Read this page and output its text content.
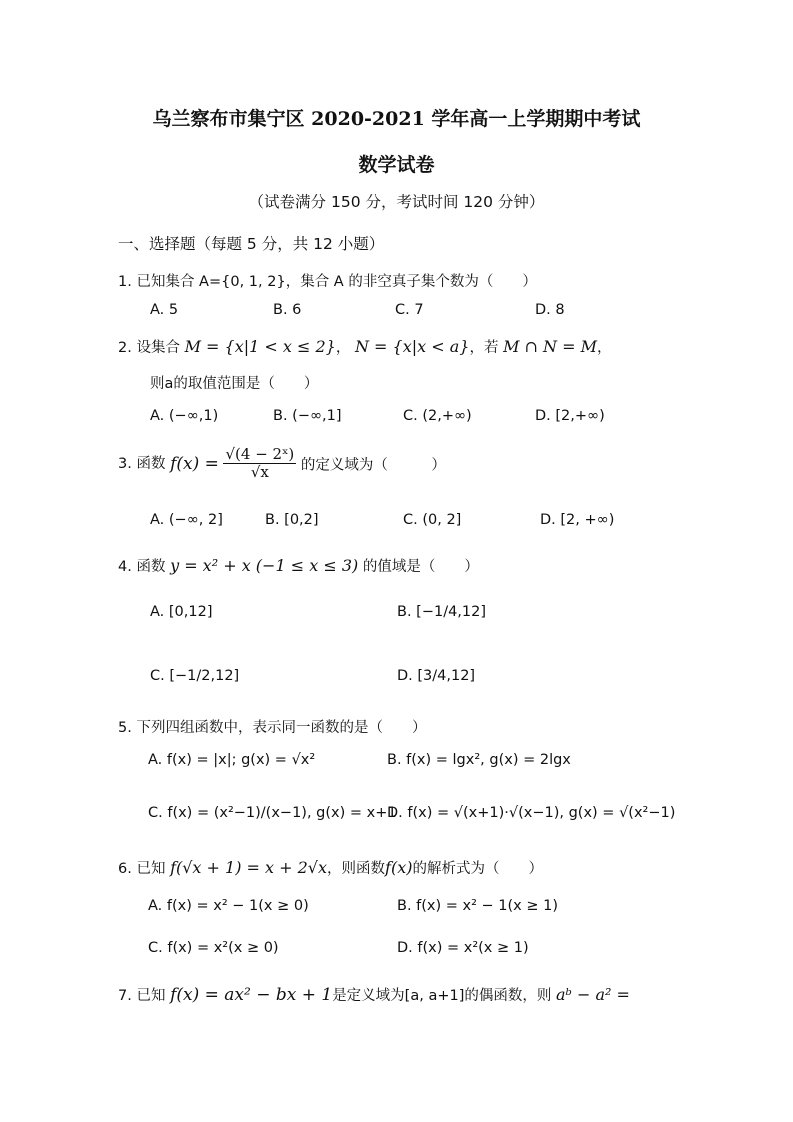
乌兰察布市集宁区 2020-2021 学年高一上学期期中考试
数学试卷
（试卷满分 150 分，考试时间 120 分钟）
一、选择题（每题 5 分，共 12 小题）
1. 已知集合 A={0, 1, 2}，集合 A 的非空真子集个数为（　　）
A. 5	B. 6	C. 7	D. 8
2. 设集合 M = {x|1 < x ≤ 2}， N = {x|x < a}，若 M ∩ N = M，
则a的取值范围是（　　）
A. (−∞,1)	B. (−∞,1]	C. (2,+∞)	D. [2,+∞)
3. 函数 $f(x) = \frac{\text{√(4 − 2ˣ)}}{√x}$ 的定义域为（　　　）
A. (−∞, 2]	B. [0,2]	C. (0, 2]	D. [2, +∞)
4. 函数 y = x² + x (−1 ≤ x ≤ 3) 的值域是（　　）
A. [0,12]	B. [−1/4,12]
C. [−1/2,12]	D. [3/4,12]
5. 下列四组函数中，表示同一函数的是（　　）
A. f(x) = |x|; g(x) = √x²	B. f(x) = lgx², g(x) = 2lgx
C. f(x) = (x²−1)/(x−1), g(x) = x+1
D. f(x) = √(x+1)·√(x−1), g(x) = √(x²−1)
6. 已知 f(√x + 1) = x + 2√x，则函数f(x)的解析式为（　　）
A. f(x) = x² − 1(x ≥ 0)	B. f(x) = x² − 1(x ≥ 1)
C. f(x) = x²(x ≥ 0)	D. f(x) = x²(x ≥ 1)
7. 已知 f(x) = ax² − bx + 1是定义域为[a, a+1]的偶函数，则 aᵇ − a² =
